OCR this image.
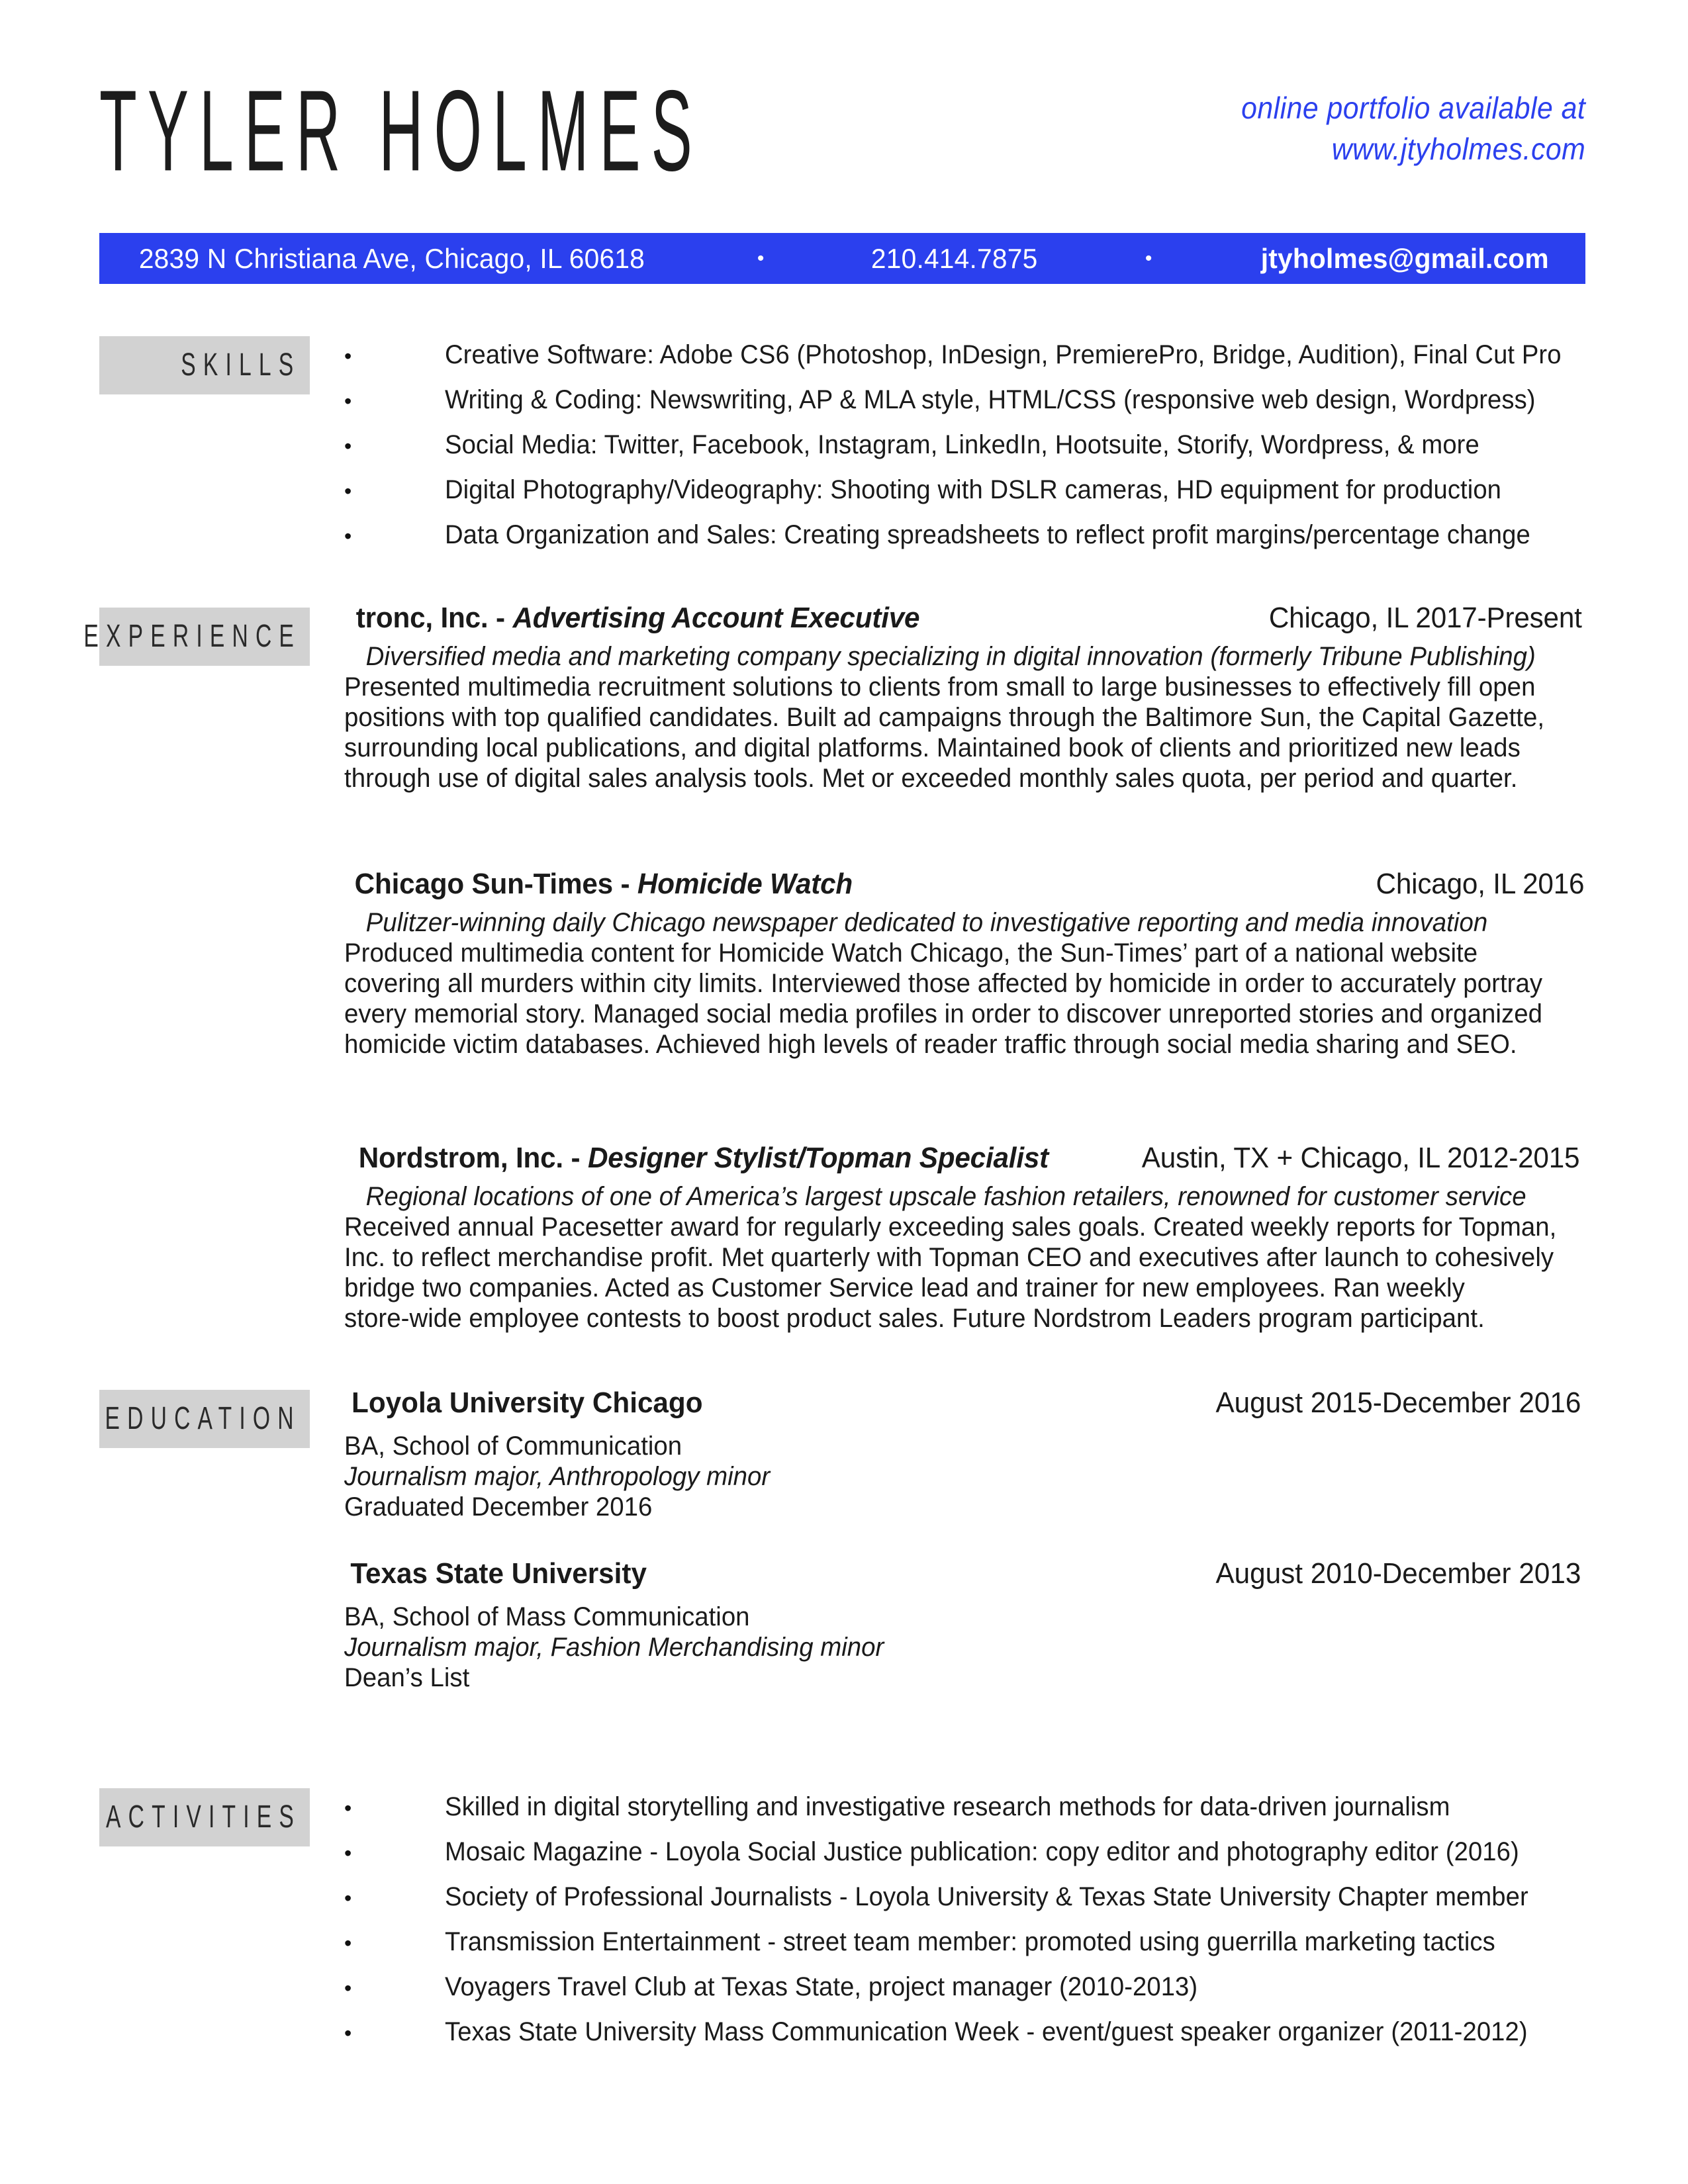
TYLER HOLMES	online portfolio available at
www.jtyholmes.com
2839 N Christiana Ave, Chicago, IL 60618	•	210.414.7875	•	jtyholmes@gmail.com
SKILLS •	Creative Software: Adobe CS6 (Photoshop, InDesign, PremierePro, Bridge, Audition), Final Cut Pro
•	Writing & Coding: Newswriting, AP & MLA style, HTML/CSS (responsive web design, Wordpress)
•	Social Media: Twitter, Facebook, Instagram, LinkedIn, Hootsuite, Storify, Wordpress, & more
•	Digital Photography/Videography: Shooting with DSLR cameras, HD equipment for production
•	Data Organization and Sales: Creating spreadsheets to reflect profit margins/percentage change
EXPERIENCE
tronc, Inc. - Advertising Account Executive	Chicago, IL 2017-Present
Diversified media and marketing company specializing in digital innovation (formerly Tribune Publishing)
Presented multimedia recruitment solutions to clients from small to large businesses to effectively fill open
positions with top qualified candidates. Built ad campaigns through the Baltimore Sun, the Capital Gazette,
surrounding local publications, and digital platforms. Maintained book of clients and prioritized new leads
through use of digital sales analysis tools. Met or exceeded monthly sales quota, per period and quarter.
Chicago Sun-Times - Homicide Watch	Chicago, IL 2016
Pulitzer-winning daily Chicago newspaper dedicated to investigative reporting and media innovation
Produced multimedia content for Homicide Watch Chicago, the Sun-Times’ part of a national website
covering all murders within city limits. Interviewed those affected by homicide in order to accurately portray
every memorial story. Managed social media profiles in order to discover unreported stories and organized
homicide victim databases. Achieved high levels of reader traffic through social media sharing and SEO.
Nordstrom, Inc. - Designer Stylist/Topman Specialist	Austin, TX + Chicago, IL 2012-2015
Regional locations of one of America’s largest upscale fashion retailers, renowned for customer service
Received annual Pacesetter award for regularly exceeding sales goals. Created weekly reports for Topman,
Inc. to reflect merchandise profit. Met quarterly with Topman CEO and executives after launch to cohesively
bridge two companies. Acted as Customer Service lead and trainer for new employees. Ran weekly
store-wide employee contests to boost product sales. Future Nordstrom Leaders program participant.
EDUCATION Loyola University Chicago	August 2015-December 2016
BA, School of Communication
Journalism major, Anthropology minor
Graduated December 2016
Texas State University	August 2010-December 2013
BA, School of Mass Communication
Journalism major, Fashion Merchandising minor
Dean’s List
ACTIVITIES •	Skilled in digital storytelling and investigative research methods for data-driven journalism
•	Mosaic Magazine - Loyola Social Justice publication: copy editor and photography editor (2016)
•	Society of Professional Journalists - Loyola University & Texas State University Chapter member
•	Transmission Entertainment - street team member: promoted using guerrilla marketing tactics
•	Voyagers Travel Club at Texas State, project manager (2010-2013)
•	Texas State University Mass Communication Week - event/guest speaker organizer (2011-2012)
